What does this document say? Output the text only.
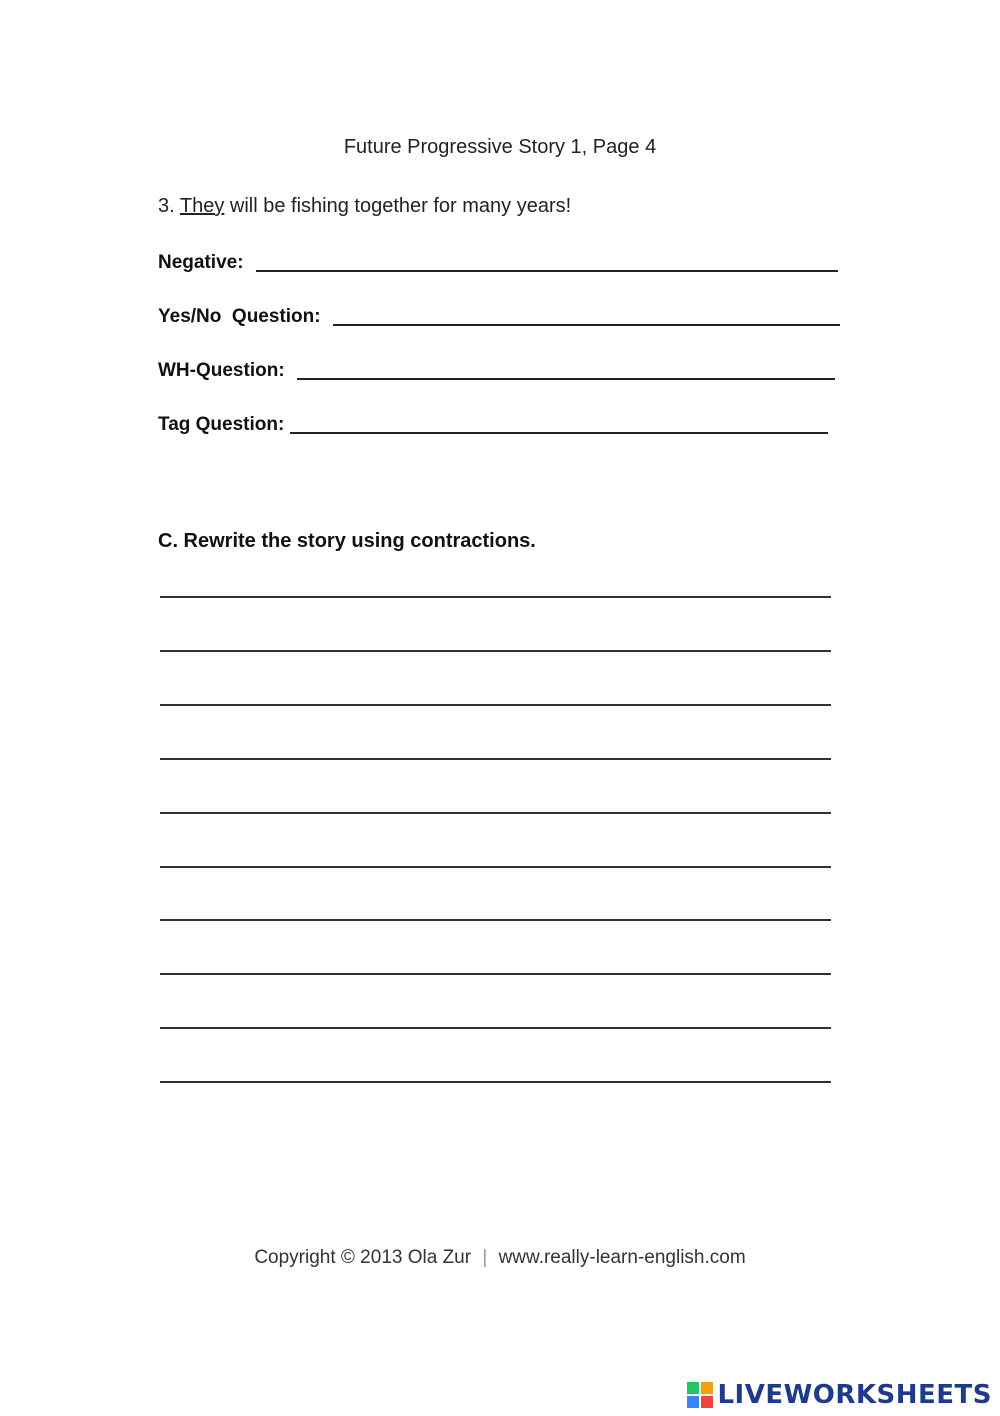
Future Progressive Story 1, Page 4
3. They will be fishing together for many years!
Negative:
Yes/No  Question:
WH-Question:
Tag Question:
C. Rewrite the story using contractions.
Copyright © 2013 Ola Zur | www.really-learn-english.com
LIVEWORKSHEETS
